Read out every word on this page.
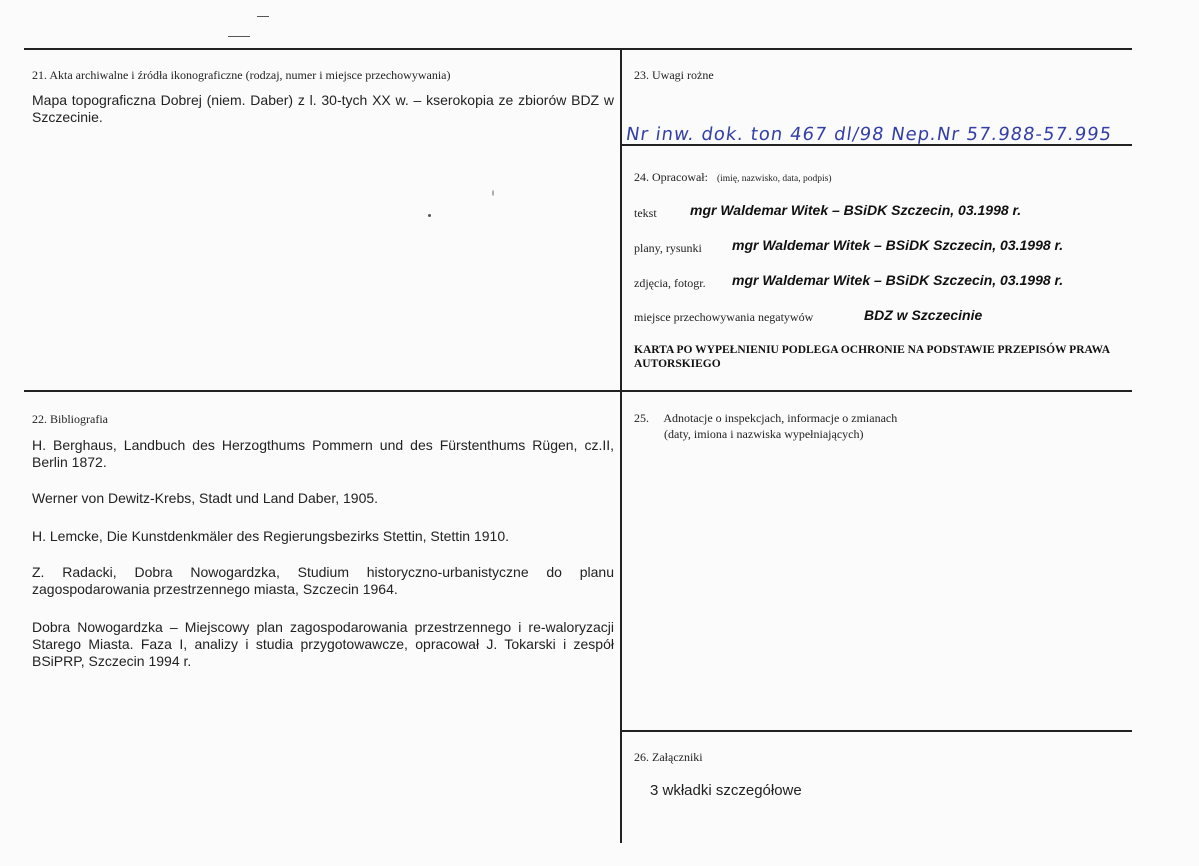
21. Akta archiwalne i źródła ikonograficzne (rodzaj, numer i miejsce przechowywania)
Mapa topograficzna Dobrej (niem. Daber) z l. 30-tych XX w. – kserokopia ze zbiorów BDZ w Szczecinie.
23. Uwagi rożne
Nr inw. dok. ton 467 dl/98 Nep.Nr 57.988-57.995
24. Opracował: (imię, nazwisko, data, podpis)
tekst mgr Waldemar Witek – BSiDK Szczecin, 03.1998 r.
plany, rysunki mgr Waldemar Witek – BSiDK Szczecin, 03.1998 r.
zdjęcia, fotogr. mgr Waldemar Witek – BSiDK Szczecin, 03.1998 r.
miejsce przechowywania negatywów	BDZ w Szczecinie
KARTA PO WYPEŁNIENIU PODLEGA OCHRONIE NA PODSTAWIE PRZEPISÓW PRAWA AUTORSKIEGO
22. Bibliografia
H. Berghaus, Landbuch des Herzogthums Pommern und des Fürstenthums Rügen, cz.II, Berlin 1872.
Werner von Dewitz-Krebs, Stadt und Land Daber, 1905.
H. Lemcke, Die Kunstdenkmäler des Regierungsbezirks Stettin, Stettin 1910.
Z. Radacki, Dobra Nowogardzka, Studium historyczno-urbanistyczne do planu zagospodarowania przestrzennego miasta, Szczecin 1964.
Dobra Nowogardzka – Miejscowy plan zagospodarowania przestrzennego i re-waloryzacji Starego Miasta. Faza I, analizy i studia przygotowawcze, opracował J. Tokarski i zespół BSiPRP, Szczecin 1994 r.
25.     Adnotacje o inspekcjach, informacje o zmianach
(daty, imiona i nazwiska wypełniających)
26. Załączniki
3 wkładki szczegółowe
